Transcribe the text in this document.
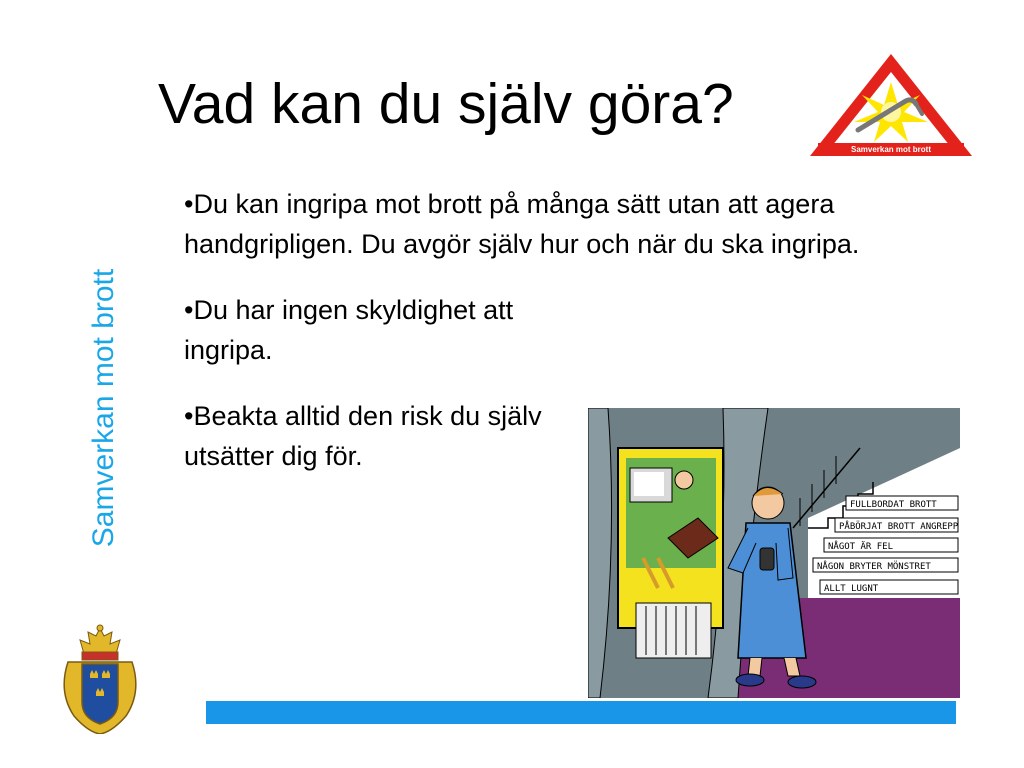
Vad kan du själv göra?
Samverkan mot brott
Samverkan mot brott
•Du kan ingripa mot brott på många sätt utan att agera handgripligen. Du avgör själv hur och när du ska ingripa.
•Du har ingen skyldighet att ingripa.
•Beakta alltid den risk du själv utsätter dig för.
FULLBORDAT BROTT
PÅBÖRJAT BROTT ANGREPP
NÅGOT ÄR FEL
NÅGON BRYTER MÖNSTRET
ALLT LUGNT
